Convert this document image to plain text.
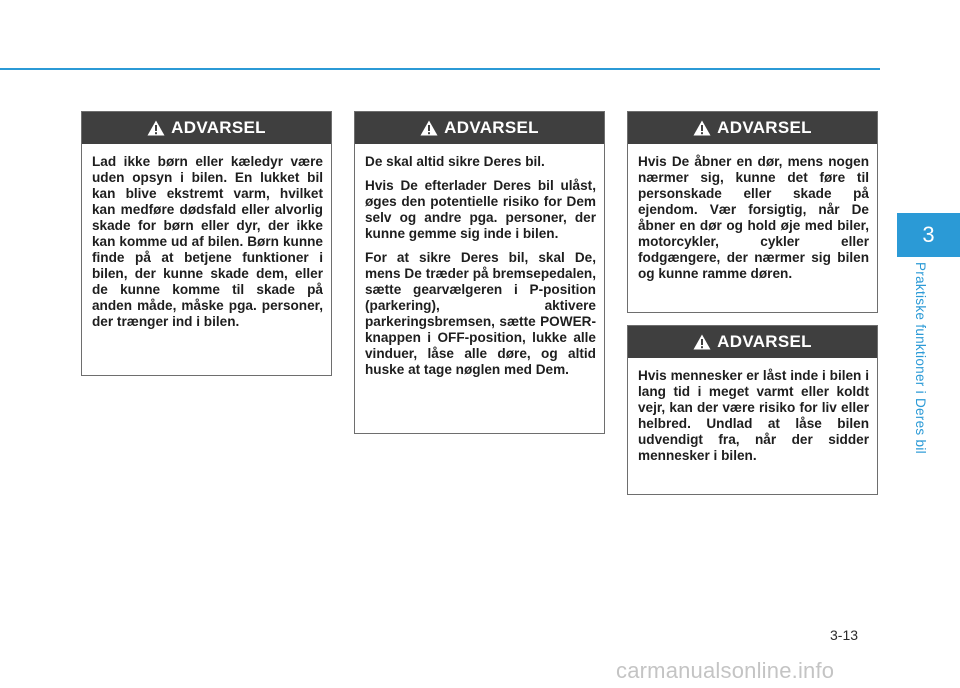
ADVARSEL

Lad ikke børn eller kæledyr være uden opsyn i bilen. En lukket bil kan blive ekstremt varm, hvilket kan medføre dødsfald eller alvorlig skade for børn eller dyr, der ikke kan komme ud af bilen. Børn kunne finde på at betjene funktioner i bilen, der kunne skade dem, eller de kunne komme til skade på anden måde, måske pga. personer, der trænger ind i bilen.

ADVARSEL

De skal altid sikre Deres bil.

Hvis De efterlader Deres bil ulåst, øges den potentielle risiko for Dem selv og andre pga. personer, der kunne gemme sig inde i bilen.

For at sikre Deres bil, skal De, mens De træder på bremsepedalen, sætte gearvælgeren i P-position (parkering), aktivere parkeringsbremsen, sætte POWER-knappen i OFF-position, lukke alle vinduer, låse alle døre, og altid huske at tage nøglen med Dem.

ADVARSEL

Hvis De åbner en dør, mens nogen nærmer sig, kunne det føre til personskade eller skade på ejendom. Vær forsigtig, når De åbner en dør og hold øje med biler, motorcykler, cykler eller fodgængere, der nærmer sig bilen og kunne ramme døren.

ADVARSEL

Hvis mennesker er låst inde i bilen i lang tid i meget varmt eller koldt vejr, kan der være risiko for liv eller helbred. Undlad at låse bilen udvendigt fra, når der sidder mennesker i bilen.

3
Praktiske funktioner i Deres bil
3-13
carmanualsonline.info
